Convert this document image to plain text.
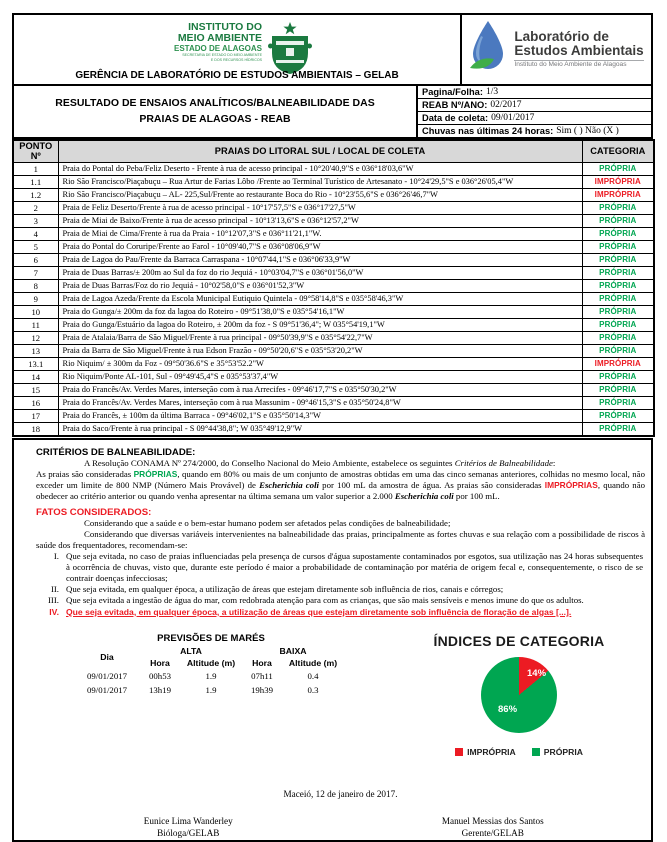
INSTITUTO DO
MEIO AMBIENTE
ESTADO DE ALAGOAS
SECRETARIA DE ESTADO DO MEIO AMBIENTE
E DOS RECURSOS HÍDRICOS
GERÊNCIA DE LABORATÓRIO DE ESTUDOS AMBIENTAIS – GELAB
Laboratório de
Estudos Ambientais
Instituto do Meio Ambiente de Alagoas
RESULTADO DE ENSAIOS ANALÍTICOS/BALNEABILIDADE DAS
PRAIAS DE ALAGOAS - REAB
Pagina/Folha: 1/3
REAB Nº/ANO: 02/2017
Data de coleta: 09/01/2017
Chuvas nas últimas 24 horas: Sim ( ) Não (X )
PONTO
Nº	PRAIAS DO LITORAL SUL / LOCAL DE COLETA	CATEGORIA
1	Praia do Pontal do Peba/Feliz Deserto - Frente à rua de acesso principal - 10°20'40,9"S e 036°18'03,6"W	PRÓPRIA
1.1	Rio São Francisco/Piaçabuçu – Rua Artur de Farias Lôbo /Frente ao Terminal Turístico de Artesanato - 10°24'29,5"S e 036°26'05,4"W	IMPRÓPRIA
1.2	Rio São Francisco/Piaçabuçu – AL- 225,Sul/Frente ao restaurante Boca do Rio - 10°23'55,6"S e 036°26'46,7"W	IMPRÓPRIA
2	Praia de Feliz Deserto/Frente à rua de acesso principal - 10°17'57,5"S e 036°17'27,5"W	PRÓPRIA
3	Praia de Miai de Baixo/Frente à rua de acesso principal - 10°13'13,6"S e 036°12'57,2"W	PRÓPRIA
4	Praia de Miai de Cima/Frente à rua da Praia - 10°12'07,3"S e 036°11'21,1"W.	PRÓPRIA
5	Praia do Pontal do Coruripe/Frente ao Farol - 10°09'40,7"S e 036°08'06,9"W	PRÓPRIA
6	Praia de Lagoa do Pau/Frente da Barraca Carraspana - 10°07'44,1"S e 036°06'33,9"W	PRÓPRIA
7	Praia de Duas Barras/± 200m ao Sul da foz do rio Jequiá - 10°03'04,7"S e 036°01'56,0"W	PRÓPRIA
8	Praia de Duas Barras/Foz do rio Jequiá - 10°02'58,0"S e 036°01'52,3"W	PRÓPRIA
9	Praia de Lagoa Azeda/Frente da Escola Municipal Eutiquio Quintela - 09°58'14,8"S e 035°58'46,3"W	PRÓPRIA
10	Praia do Gunga/± 200m da foz da lagoa do Roteiro - 09°51'38,0"S e 035°54'16,1"W	PRÓPRIA
11	Praia do Gunga/Estuário da lagoa do Roteiro, ± 200m da foz - S 09°51'36,4"; W 035°54'19,1"W	PRÓPRIA
12	Praia de Atalaia/Barra de São Miguel/Frente à rua principal - 09°50'39,9"S e 035°54'22,7"W	PRÓPRIA
13	Praia da Barra de São Miguel/Frente à rua Edson Frazão - 09°50'20,6"S e 035°53'20,2"W	PRÓPRIA
13.1	Rio Niquim/ ± 300m da Foz - 09°50'36.6"S e 35°53'52.2"W	IMPRÓPRIA
14	Rio Niquim/Ponte AL-101, Sul - 09°49'45,4"S e 035°53'37,4"W	PRÓPRIA
15	Praia do Francês/Av. Verdes Mares, interseção com à rua Arrecifes - 09°46'17,7"S e 035°50'30,2"W	PRÓPRIA
16	Praia do Francês/Av. Verdes Mares, interseção com à rua Massunim - 09°46'15,3"S e 035°50'24,8"W	PRÓPRIA
17	Praia do Francês, ± 100m da última Barraca - 09°46'02,1"S e 035°50'14,3"W	PRÓPRIA
18	Praia do Saco/Frente à rua principal - S 09°44'38,8"; W 035°49'12,9"W	PRÓPRIA
CRITÉRIOS DE BALNEABILIDADE:

A Resolução CONAMA Nº 274/2000, do Conselho Nacional do Meio Ambiente, estabelece os seguintes Critérios de Balneabilidade:

As praias são consideradas PRÓPRIAS, quando em 80% ou mais de um conjunto de amostras obtidas em uma das cinco semanas anteriores, colhidas no mesmo local, não exceder um limite de 800 NMP (Número Mais Provável) de Escherichia coli por 100 mL da amostra de água. As praias são consideradas IMPRÓPRIAS, quando não obedecer ao critério anterior ou quando venha apresentar na última semana um valor superior a 2.000 Escherichia coli por 100 mL.

FATOS CONSIDERADOS:

Considerando que a saúde e o bem-estar humano podem ser afetados pelas condições de balneabilidade;

Considerando que diversas variáveis intervenientes na balneabilidade das praias, principalmente as fortes chuvas e sua relação com a possibilidade de riscos à saúde dos frequentadores, recomendam-se:

I. Que seja evitada, no caso de praias influenciadas pela presença de cursos d'água supostamente contaminados por esgotos, sua utilização nas 24 horas subsequentes à ocorrência de chuvas, visto que, durante este período é maior a probabilidade de contaminação por matéria de origem fecal e, consequentemente, o risco de se contrair doenças infecciosas;
II. Que seja evitada, em qualquer época, a utilização de áreas que estejam diretamente sob influência de rios, canais e córregos;
III. Que seja evitada a ingestão de água do mar, com redobrada atenção para com as crianças, que são mais sensíveis e menos imune do que os adultos.
IV. Que seja evitada, em qualquer época, a utilização de áreas que estejam diretamente sob influência de floração de algas [...].
PREVISÕES DE MARÉS
Dia
ALTA	BAIXA
Hora	Altitude (m)	Hora	Altitude (m)
09/01/2017	00h53	1.9	07h11	0.4
09/01/2017	13h19	1.9	19h39	0.3
ÍNDICES DE CATEGORIA
14%
86%
IMPRÓPRIA	PRÓPRIA
Maceió, 12 de janeiro de 2017.
Eunice Lima Wanderley
Bióloga/GELAB
Manuel Messias dos Santos
Gerente/GELAB
